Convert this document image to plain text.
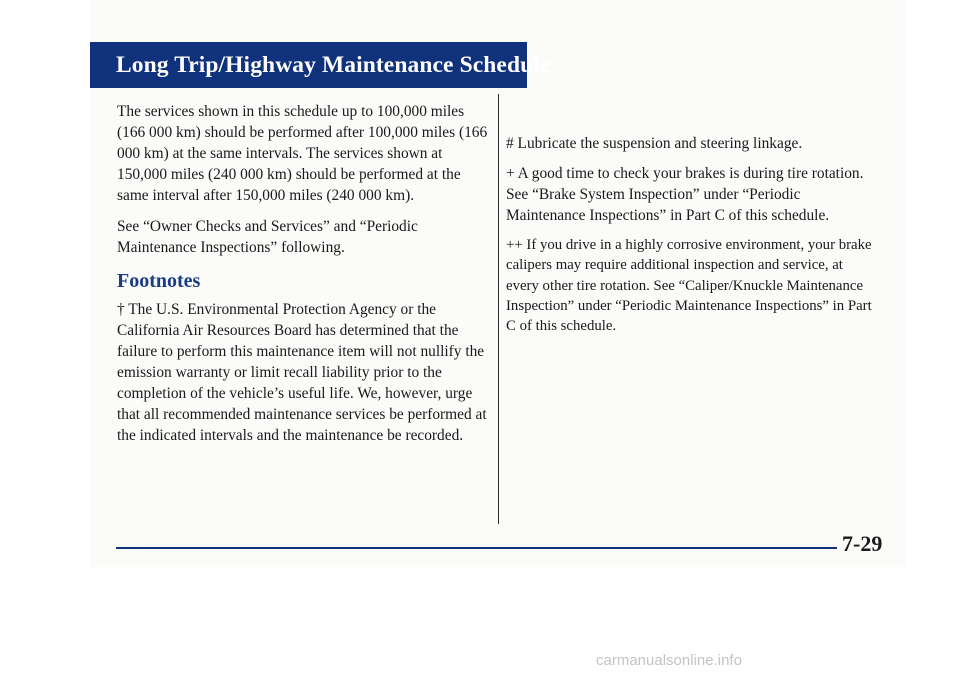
Long Trip/Highway Maintenance Schedule

The services shown in this schedule up to 100,000 miles (166 000 km) should be performed after 100,000 miles (166 000 km) at the same intervals. The services shown at 150,000 miles (240 000 km) should be performed at the same interval after 150,000 miles (240 000 km).

See “Owner Checks and Services” and “Periodic Maintenance Inspections” following.

Footnotes

† The U.S. Environmental Protection Agency or the California Air Resources Board has determined that the failure to perform this maintenance item will not nullify the emission warranty or limit recall liability prior to the completion of the vehicle’s useful life. We, however, urge that all recommended maintenance services be performed at the indicated intervals and the maintenance be recorded.

# Lubricate the suspension and steering linkage.

+ A good time to check your brakes is during tire rotation. See “Brake System Inspection” under “Periodic Maintenance Inspections” in Part C of this schedule.

++ If you drive in a highly corrosive environment, your brake calipers may require additional inspection and service, at every other tire rotation. See “Caliper/Knuckle Maintenance Inspection” under “Periodic Maintenance Inspections” in Part C of this schedule.

7-29
carmanualsonline.info
